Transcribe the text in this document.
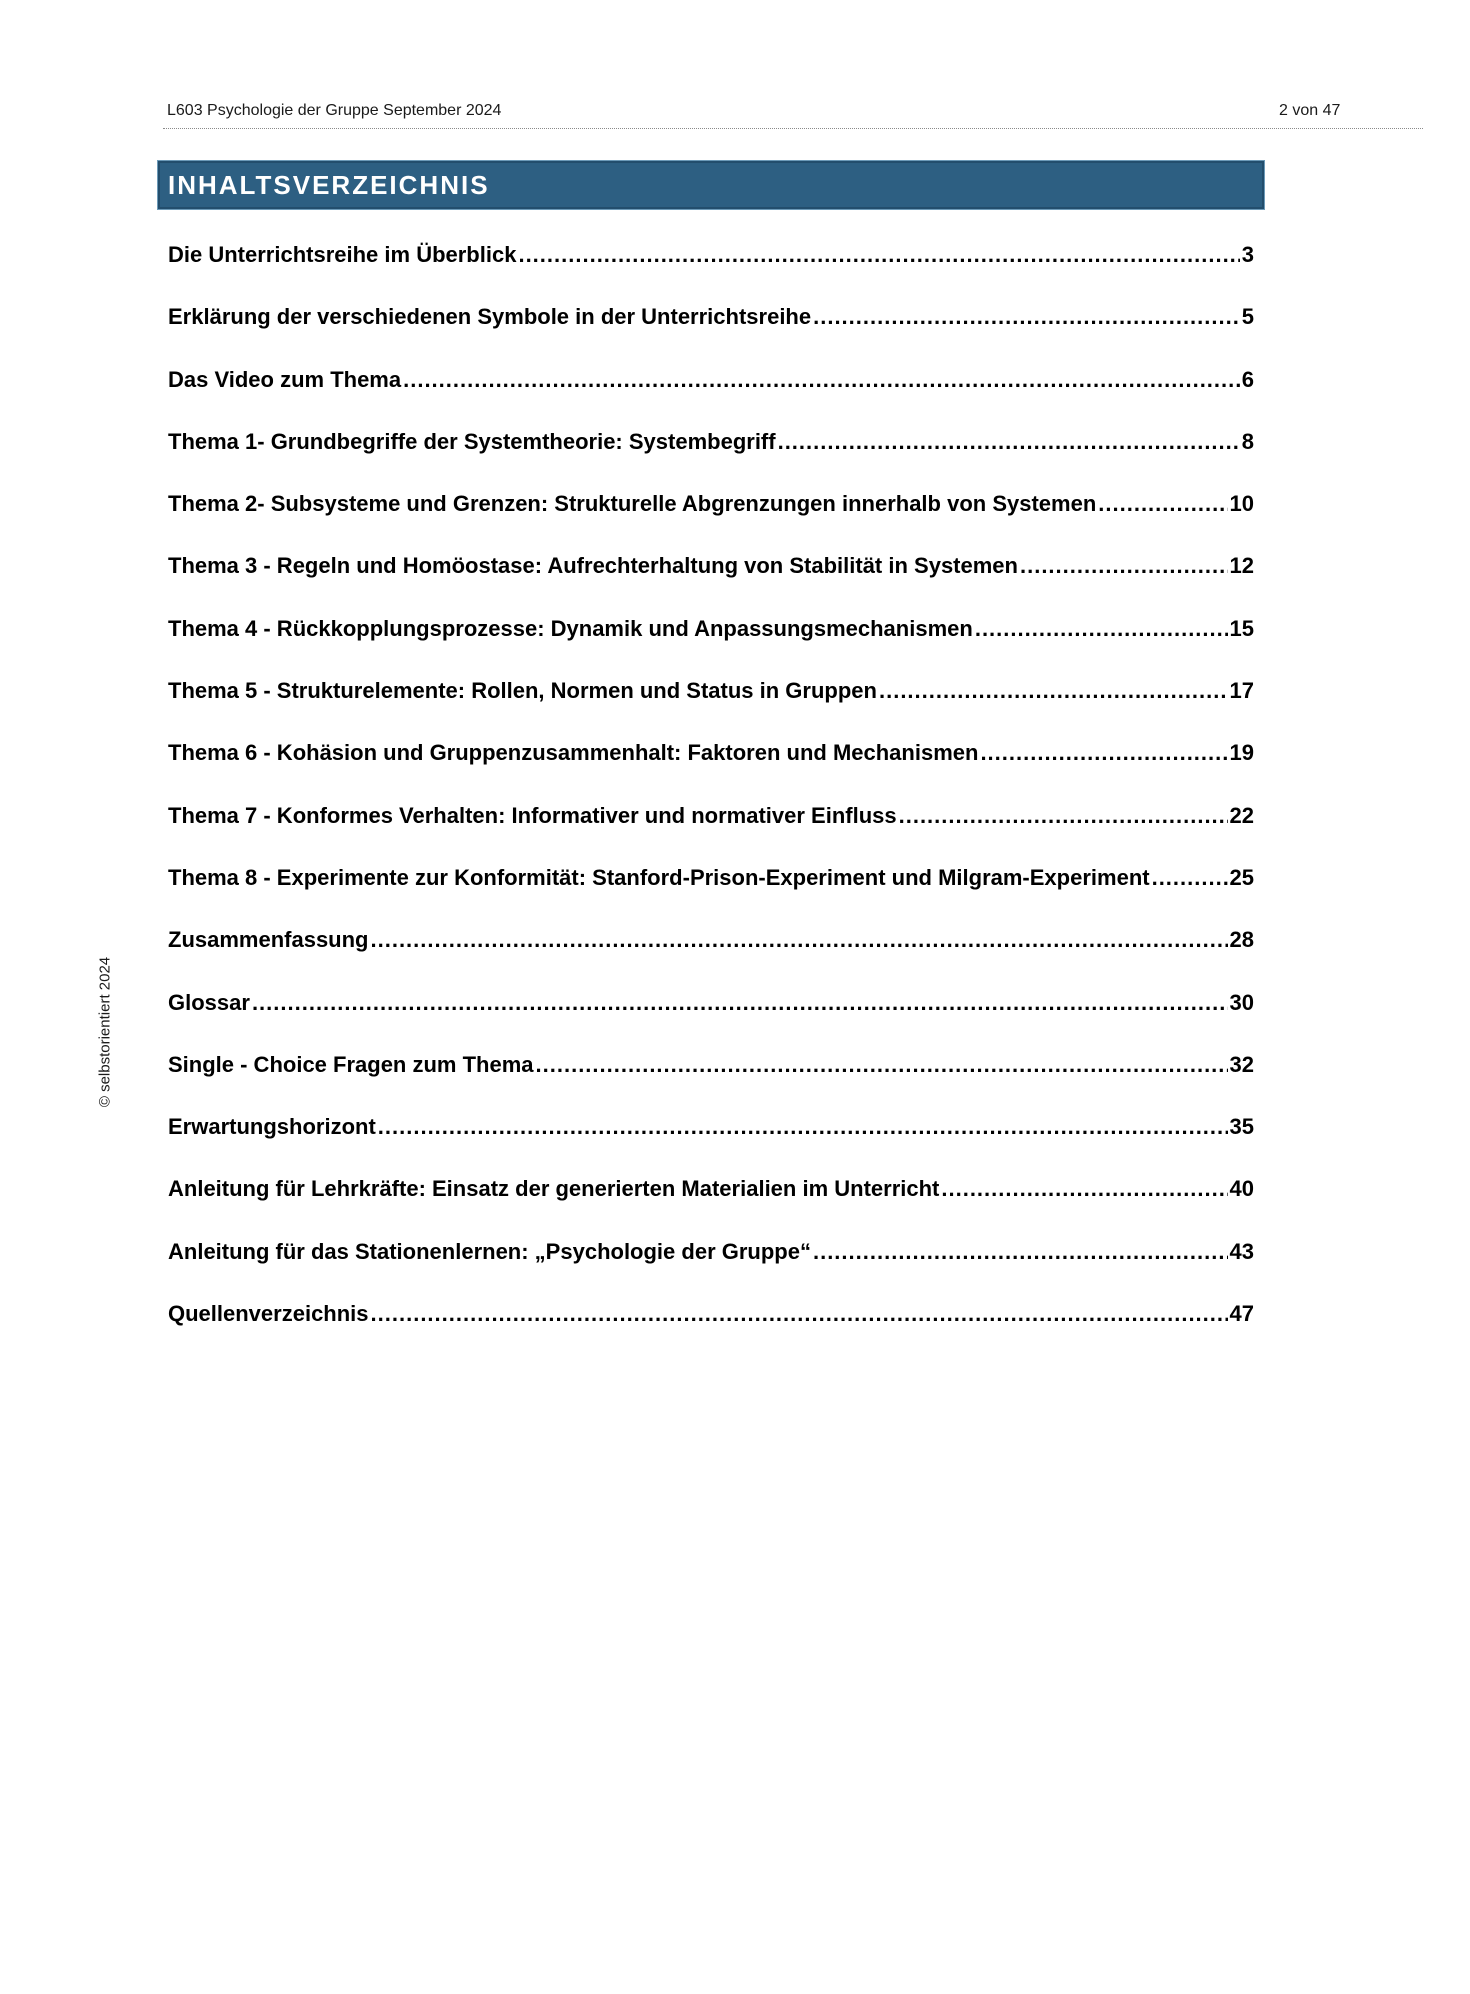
L603 Psychologie der Gruppe September 2024	2 von 47
INHALTSVERZEICHNIS
Die Unterrichtsreihe im Überblick .....	3
Erklärung der verschiedenen Symbole in der Unterrichtsreihe .....	5
Das Video zum Thema .....	6
Thema 1- Grundbegriffe der Systemtheorie: Systembegriff .....	8
Thema 2- Subsysteme und Grenzen: Strukturelle Abgrenzungen innerhalb von Systemen .....	10
Thema 3 - Regeln und Homöostase: Aufrechterhaltung von Stabilität in Systemen .....	12
Thema 4 - Rückkopplungsprozesse: Dynamik und Anpassungsmechanismen .....	15
Thema 5 - Strukturelemente: Rollen, Normen und Status in Gruppen .....	17
Thema 6 - Kohäsion und Gruppenzusammenhalt: Faktoren und Mechanismen .....	19
Thema 7 - Konformes Verhalten: Informativer und normativer Einfluss .....	22
Thema 8 - Experimente zur Konformität: Stanford-Prison-Experiment und Milgram-Experiment .....	25
Zusammenfassung .....	28
Glossar .....	30
Single - Choice Fragen zum Thema .....	32
Erwartungshorizont .....	35
Anleitung für Lehrkräfte: Einsatz der generierten Materialien im Unterricht .....	40
Anleitung für das Stationenlernen: „Psychologie der Gruppe“ .....	43
Quellenverzeichnis .....	47
© selbstorientiert 2024
